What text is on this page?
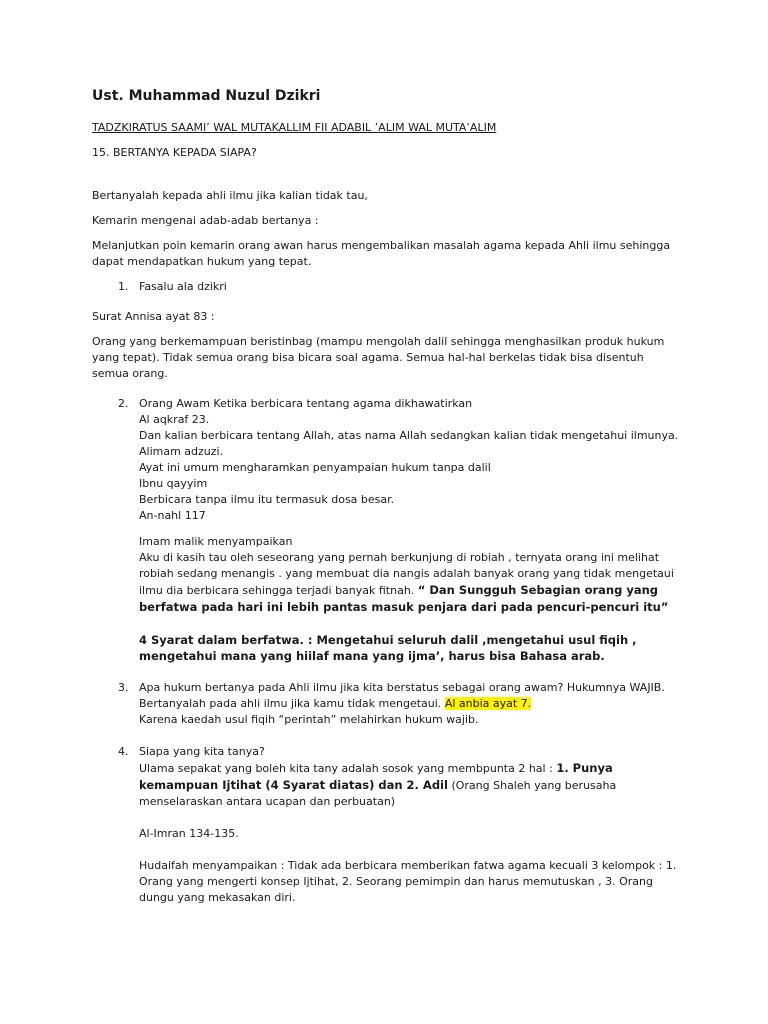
Ust. Muhammad Nuzul Dzikri

TADZKIRATUS SAAMI’ WAL MUTAKALLIM FII ADABIL ’ALIM WAL MUTA’ALIM

15. BERTANYA KEPADA SIAPA?

Bertanyalah kepada ahli ilmu jika kalian tidak tau,

Kemarin mengenai adab-adab bertanya :

Melanjutkan poin kemarin orang awan harus mengembalikan masalah agama kepada Ahli ilmu sehingga dapat mendapatkan hukum yang tepat.

1. Fasalu ala dzikri

Surat Annisa ayat 83 :

Orang yang berkemampuan beristinbag (mampu mengolah dalil sehingga menghasilkan produk hukum yang tepat). Tidak semua orang bisa bicara soal agama. Semua hal-hal berkelas tidak bisa disentuh semua orang.

2. Orang Awam Ketika berbicara tentang agama dikhawatirkan
Al aqkraf 23.
Dan kalian berbicara tentang Allah, atas nama Allah sedangkan kalian tidak mengetahui ilmunya.
Alimam adzuzi.
Ayat ini umum mengharamkan penyampaian hukum tanpa dalil
Ibnu qayyim
Berbicara tanpa ilmu itu termasuk dosa besar.
An-nahl 117
Imam malik menyampaikan

Aku di kasih tau oleh seseorang yang pernah berkunjung di robiah , ternyata orang ini melihat robiah sedang menangis . yang membuat dia nangis adalah banyak orang yang tidak mengetaui ilmu dia berbicara sehingga terjadi banyak fitnah. “ Dan Sungguh Sebagian orang yang berfatwa pada hari ini lebih pantas masuk penjara dari pada pencuri-pencuri itu”

4 Syarat dalam berfatwa. : Mengetahui seluruh dalil ,mengetahui usul fiqih , mengetahui mana yang hiilaf mana yang ijma’, harus bisa Bahasa arab.

3. Apa hukum bertanya pada Ahli ilmu jika kita berstatus sebagai orang awam? Hukumnya WAJIB.
Bertanyalah pada ahli ilmu jika kamu tidak mengetaui. Al anbia ayat 7.
Karena kaedah usul fiqih “perintah” melahirkan hukum wajib.
4. Siapa yang kita tanya?

Ulama sepakat yang boleh kita tany adalah sosok yang membpunta 2 hal : 1. Punya kemampuan Ijtihat (4 Syarat diatas) dan 2. Adil (Orang Shaleh yang berusaha menselaraskan antara ucapan dan perbuatan)

Al-Imran 134-135.

Hudaifah menyampaikan : Tidak ada berbicara memberikan fatwa agama kecuali 3 kelompok : 1. Orang yang mengerti konsep Ijtihat, 2. Seorang pemimpin dan harus memutuskan , 3. Orang dungu yang mekasakan diri.
